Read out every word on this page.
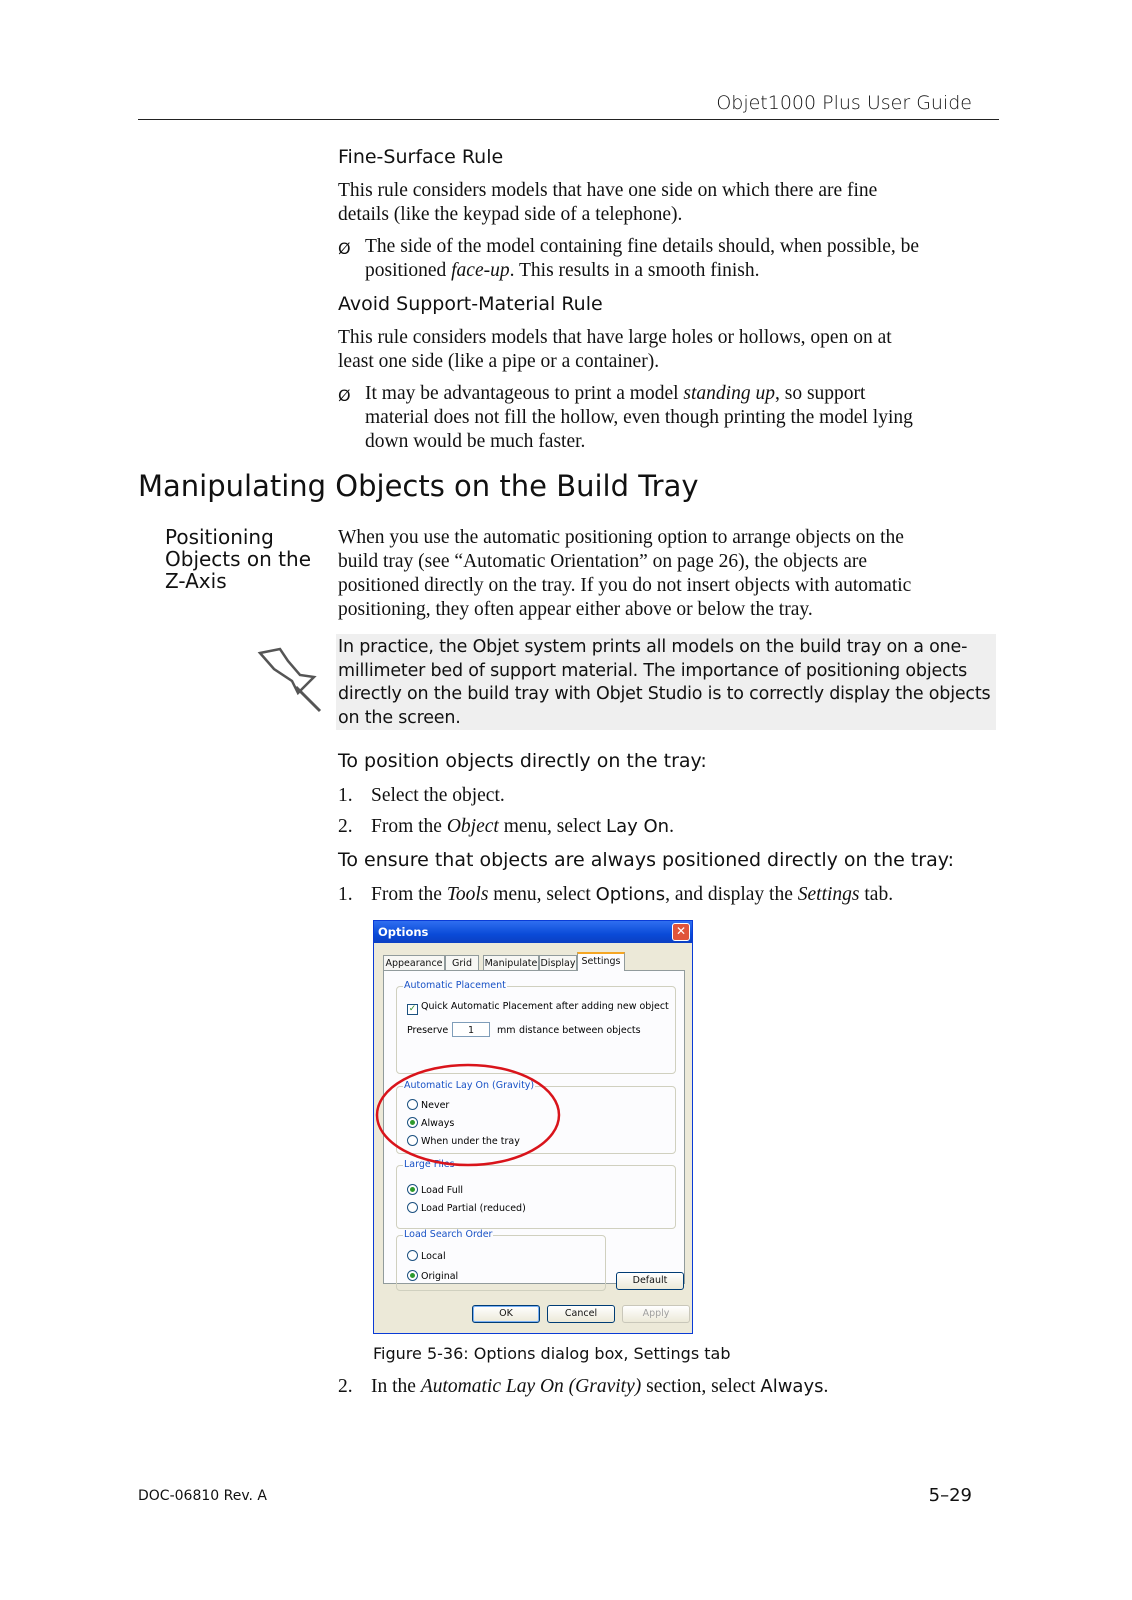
Objet1000 Plus User Guide
Fine-Surface Rule
This rule considers models that have one side on which there are fine
details (like the keypad side of a telephone).
Ø The side of the model containing fine details should, when possible, be
positioned face-up. This results in a smooth finish.
Avoid Support-Material Rule
This rule considers models that have large holes or hollows, open on at
least one side (like a pipe or a container).
Ø It may be advantageous to print a model standing up, so support
material does not fill the hollow, even though printing the model lying
down would be much faster.
Manipulating Objects on the Build Tray
Positioning
Objects on the
Z-Axis
When you use the automatic positioning option to arrange objects on the
build tray (see “Automatic Orientation” on page 26), the objects are
positioned directly on the tray. If you do not insert objects with automatic
positioning, they often appear either above or below the tray.
In practice, the Objet system prints all models on the build tray on a one-
millimeter bed of support material. The importance of positioning objects
directly on the build tray with Objet Studio is to correctly display the objects
on the screen.
To position objects directly on the tray:
1. Select the object.
2. From the Object menu, select Lay On.
To ensure that objects are always positioned directly on the tray:
1. From the Tools menu, select Options, and display the Settings tab.
Options	✕
Appearance	Grid	Manipulate Display
Automatic Placement
✓ Quick Automatic Placement after adding new object
Preserve	1	mm distance between objects
Automatic Lay On (Gravity)
Never
Always
When under the tray
Large Files
Load Full
Load Partial (reduced)
Load Search Order
Local
Original	Default
Settings
OK	Cancel	Apply
Figure 5-36: Options dialog box, Settings tab
2. In the Automatic Lay On (Gravity) section, select Always.
DOC-06810 Rev. A	5–29
